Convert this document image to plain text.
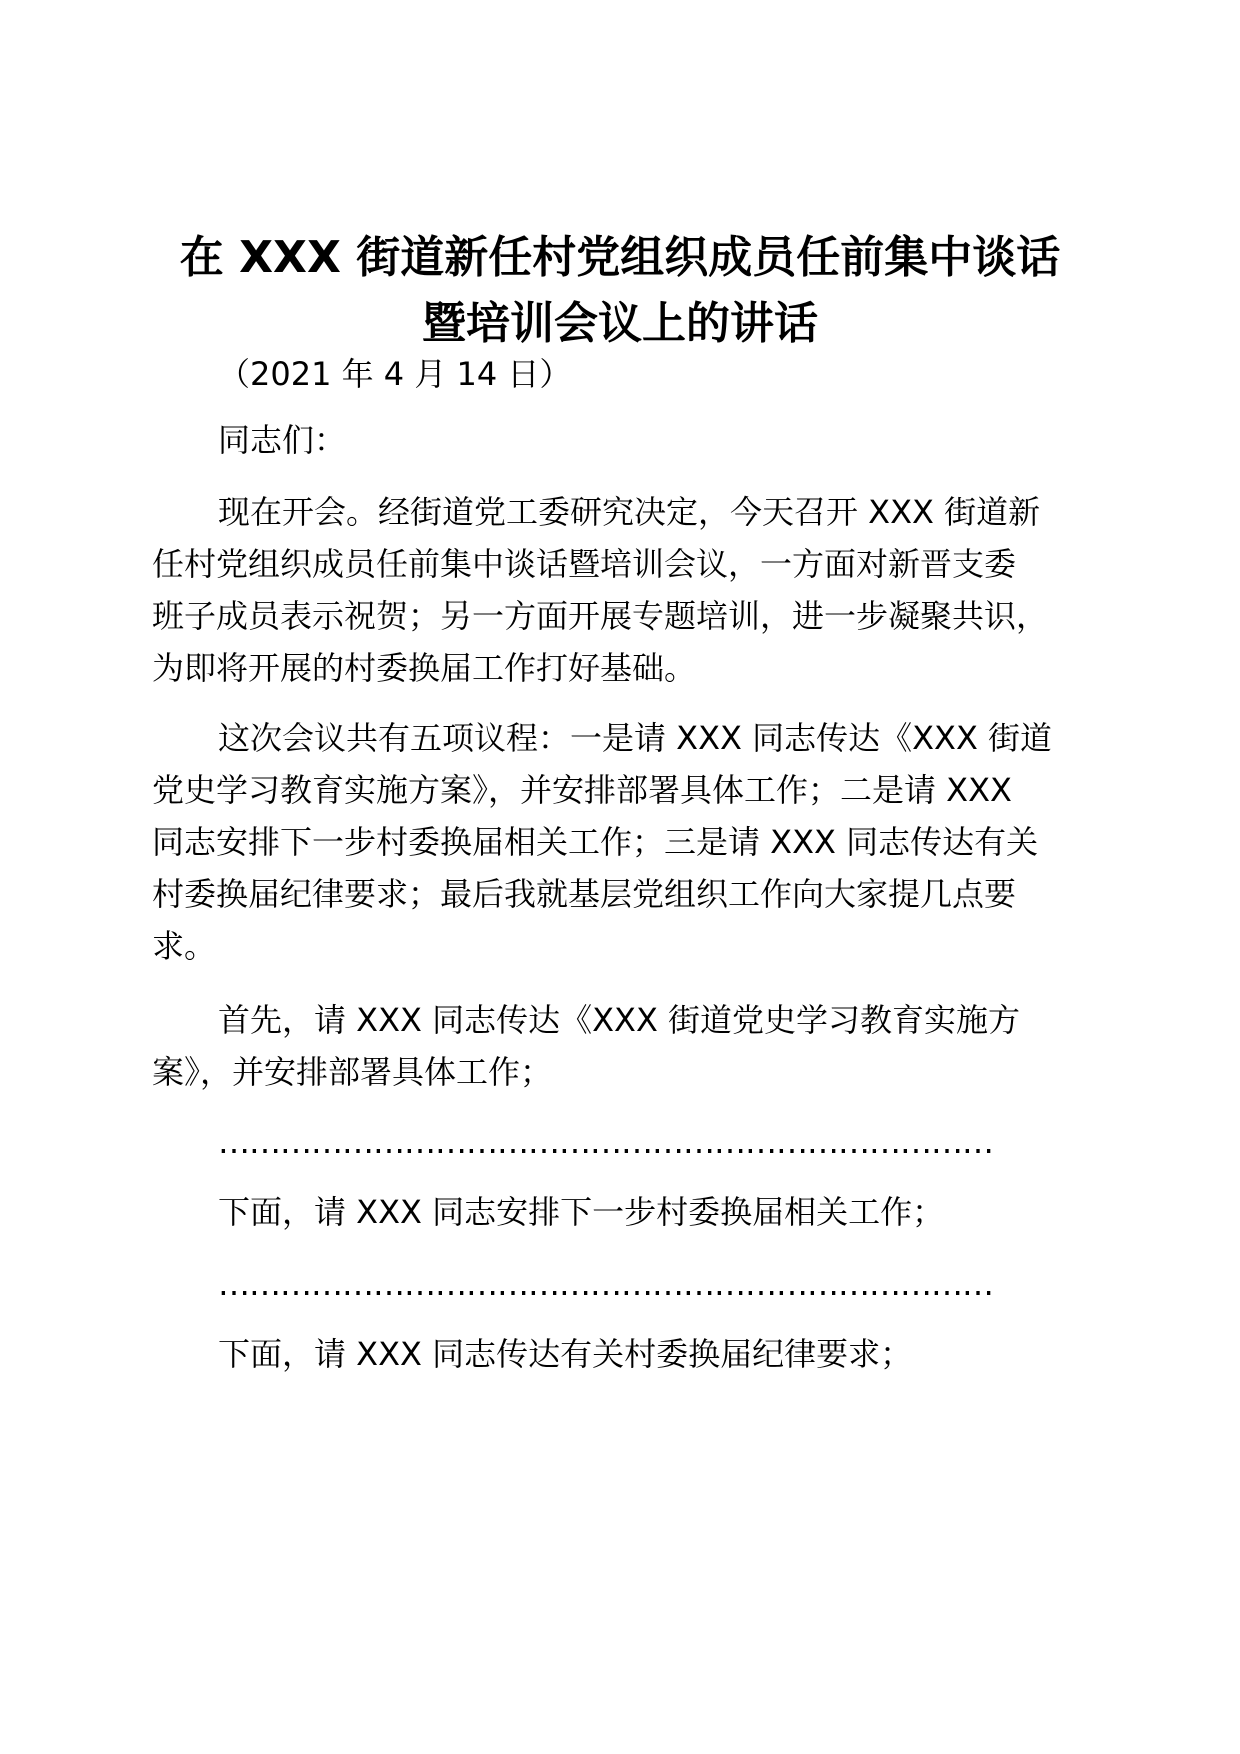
在 XXX 街道新任村党组织成员任前集中谈话
暨培训会议上的讲话
（2021 年 4 月 14 日）
同志们：
现在开会。经街道党工委研究决定，今天召开 XXX 街道新
任村党组织成员任前集中谈话暨培训会议，一方面对新晋支委
班子成员表示祝贺；另一方面开展专题培训，进一步凝聚共识，
为即将开展的村委换届工作打好基础。
这次会议共有五项议程：一是请 XXX 同志传达《XXX 街道
党史学习教育实施方案》，并安排部署具体工作；二是请 XXX
同志安排下一步村委换届相关工作；三是请 XXX 同志传达有关
村委换届纪律要求；最后我就基层党组织工作向大家提几点要
求。
首先，请 XXX 同志传达《XXX 街道党史学习教育实施方
案》，并安排部署具体工作；
…………………………………………………………………
下面，请 XXX 同志安排下一步村委换届相关工作；
…………………………………………………………………
下面，请 XXX 同志传达有关村委换届纪律要求；
